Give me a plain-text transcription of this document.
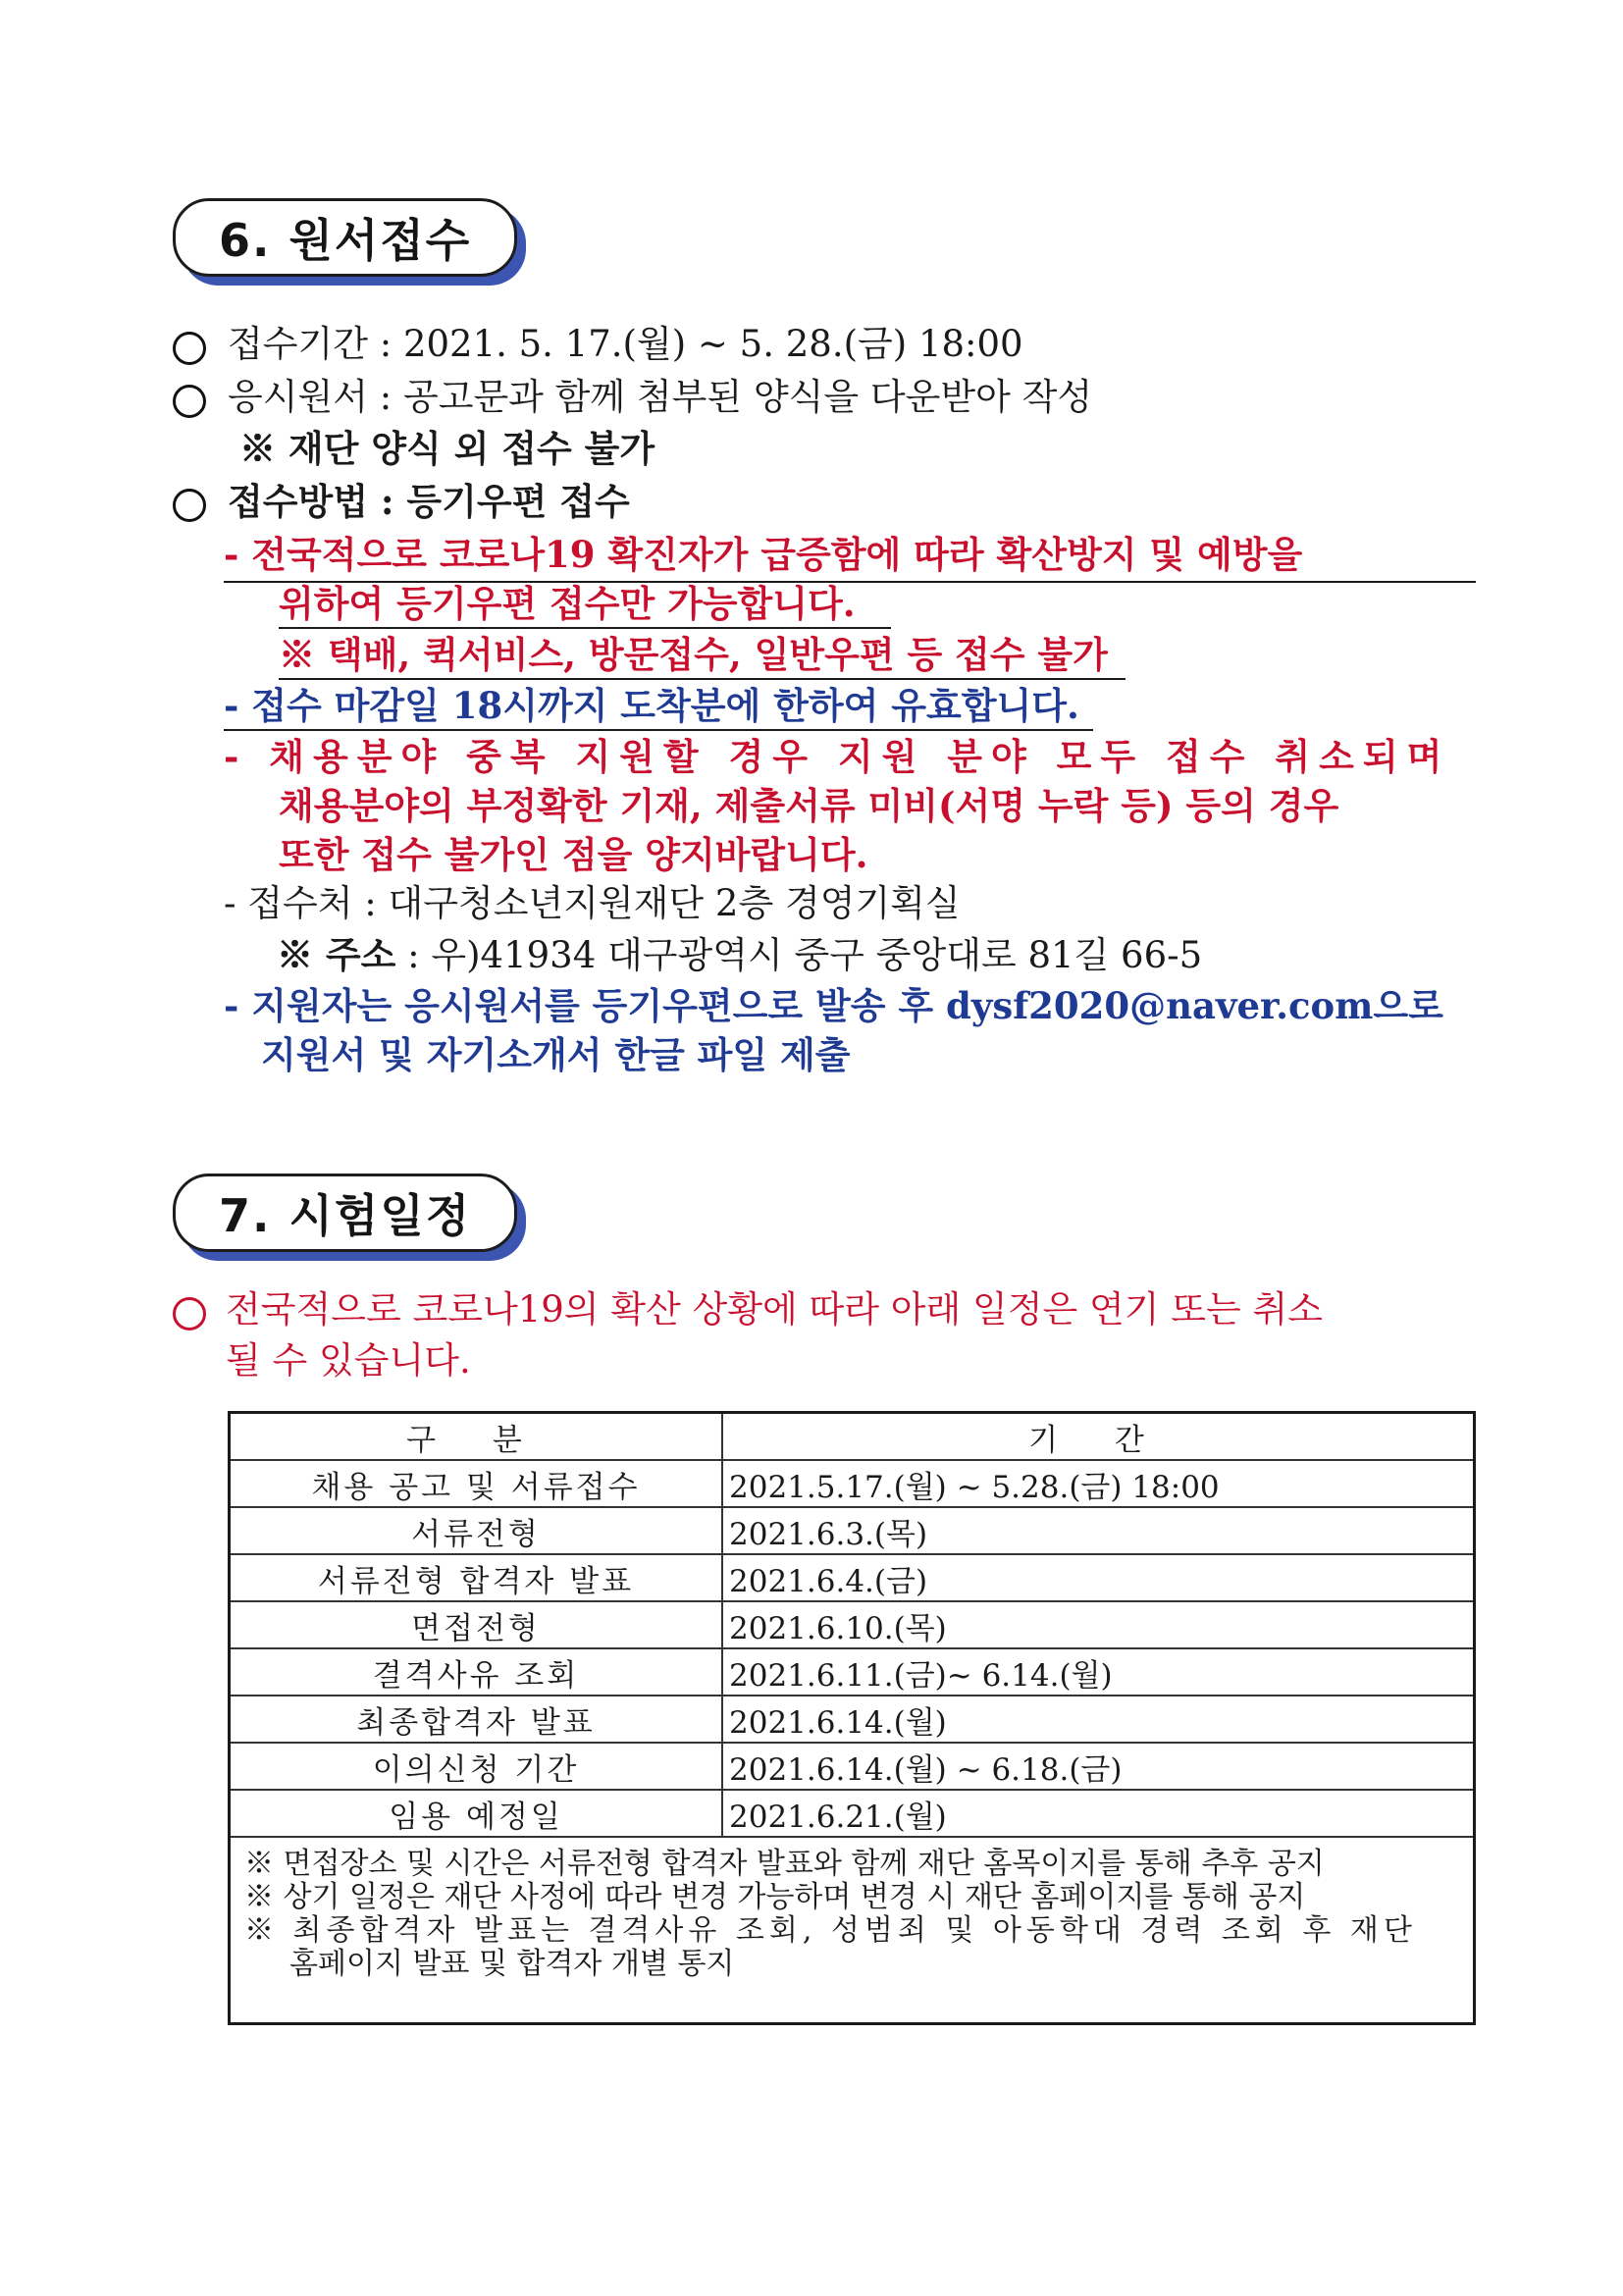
6. 원서접수
접수기간 : 2021. 5. 17.(월) ~ 5. 28.(금) 18:00
응시원서 : 공고문과 함께 첨부된 양식을 다운받아 작성
※ 재단 양식 외 접수 불가
접수방법 : 등기우편 접수
- 전국적으로 코로나19 확진자가 급증함에 따라 확산방지 및 예방을
위하여 등기우편 접수만 가능합니다.
※ 택배, 퀵서비스, 방문접수, 일반우편 등 접수 불가
- 접수 마감일 18시까지 도착분에 한하여 유효합니다.
- 채용분야 중복 지원할 경우 지원 분야 모두 접수 취소되며
채용분야의 부정확한 기재, 제출서류 미비(서명 누락 등) 등의 경우
또한 접수 불가인 점을 양지바랍니다.
- 접수처 : 대구청소년지원재단 2층 경영기획실
※ 주소 : 우)41934 대구광역시 중구 중앙대로 81길 66-5
- 지원자는 응시원서를 등기우편으로 발송 후 dysf2020@naver.com으로
지원서 및 자기소개서 한글 파일 제출
7. 시험일정
전국적으로 코로나19의 확산 상황에 따라 아래 일정은 연기 또는 취소
될 수 있습니다.
구 분	기 간
채용 공고 및 서류접수	2021.5.17.(월) ~ 5.28.(금) 18:00
서류전형	2021.6.3.(목)
서류전형 합격자 발표	2021.6.4.(금)
면접전형	2021.6.10.(목)
결격사유 조회	2021.6.11.(금)~ 6.14.(월)
최종합격자 발표	2021.6.14.(월)
이의신청 기간	2021.6.14.(월) ~ 6.18.(금)
임용 예정일	2021.6.21.(월)

※ 면접장소 및 시간은 서류전형 합격자 발표와 함께 재단 홈목이지를 통해 추후 공지
※ 상기 일정은 재단 사정에 따라 변경 가능하며 변경 시 재단 홈페이지를 통해 공지
※ 최종합격자 발표는 결격사유 조회, 성범죄 및 아동학대 경력 조회 후 재단
홈페이지 발표 및 합격자 개별 통지	
